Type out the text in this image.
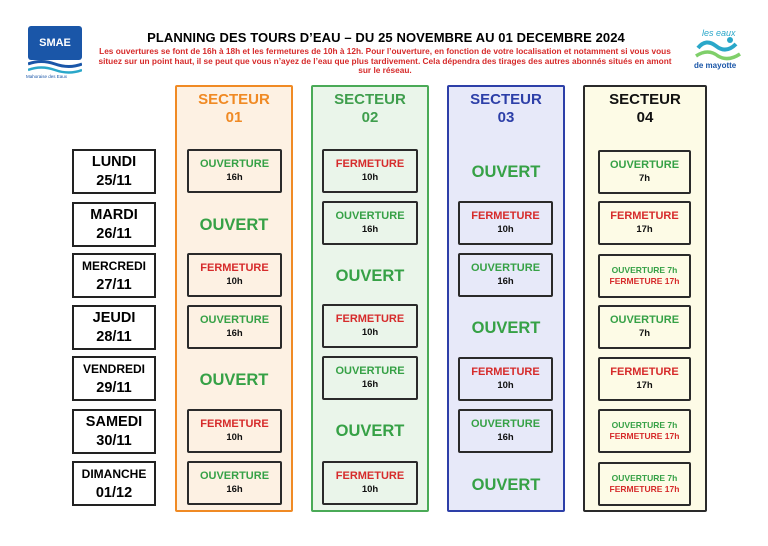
SMAE
Mahoraise des Eaux
les eaux
de mayotte
PLANNING DES TOURS D’EAU – DU 25 NOVEMBRE AU 01 DECEMBRE 2024
Les ouvertures se font de 16h à 18h et les fermetures de 10h à 12h. Pour l’ouverture, en fonction de votre localisation et notamment si vous vous situez sur un point haut, il se peut que vous n’ayez de l’eau que plus tardivement. Cela dépendra des tirages des autres abonnés situés en amont sur le réseau.
SECTEUR
01
SECTEUR
02
SECTEUR
03
SECTEUR
04
LUNDI
25/11
MARDI
26/11
MERCREDI
27/11
JEUDI
28/11
VENDREDI
29/11
SAMEDI
30/11
DIMANCHE
01/12
OUVERTURE
16h
OUVERT
FERMETURE
10h
OUVERTURE
16h
OUVERT
FERMETURE
10h
OUVERTURE
16h
FERMETURE
10h
OUVERTURE
16h
OUVERT
FERMETURE
10h
OUVERTURE
16h
OUVERT
FERMETURE
10h
OUVERT
FERMETURE
10h
OUVERTURE
16h
OUVERT
FERMETURE
10h
OUVERTURE
16h
OUVERT
OUVERTURE
7h
FERMETURE
17h
OUVERTURE 7h
FERMETURE 17h
OUVERTURE
7h
FERMETURE
17h
OUVERTURE 7h
FERMETURE 17h
OUVERTURE 7h
FERMETURE 17h
